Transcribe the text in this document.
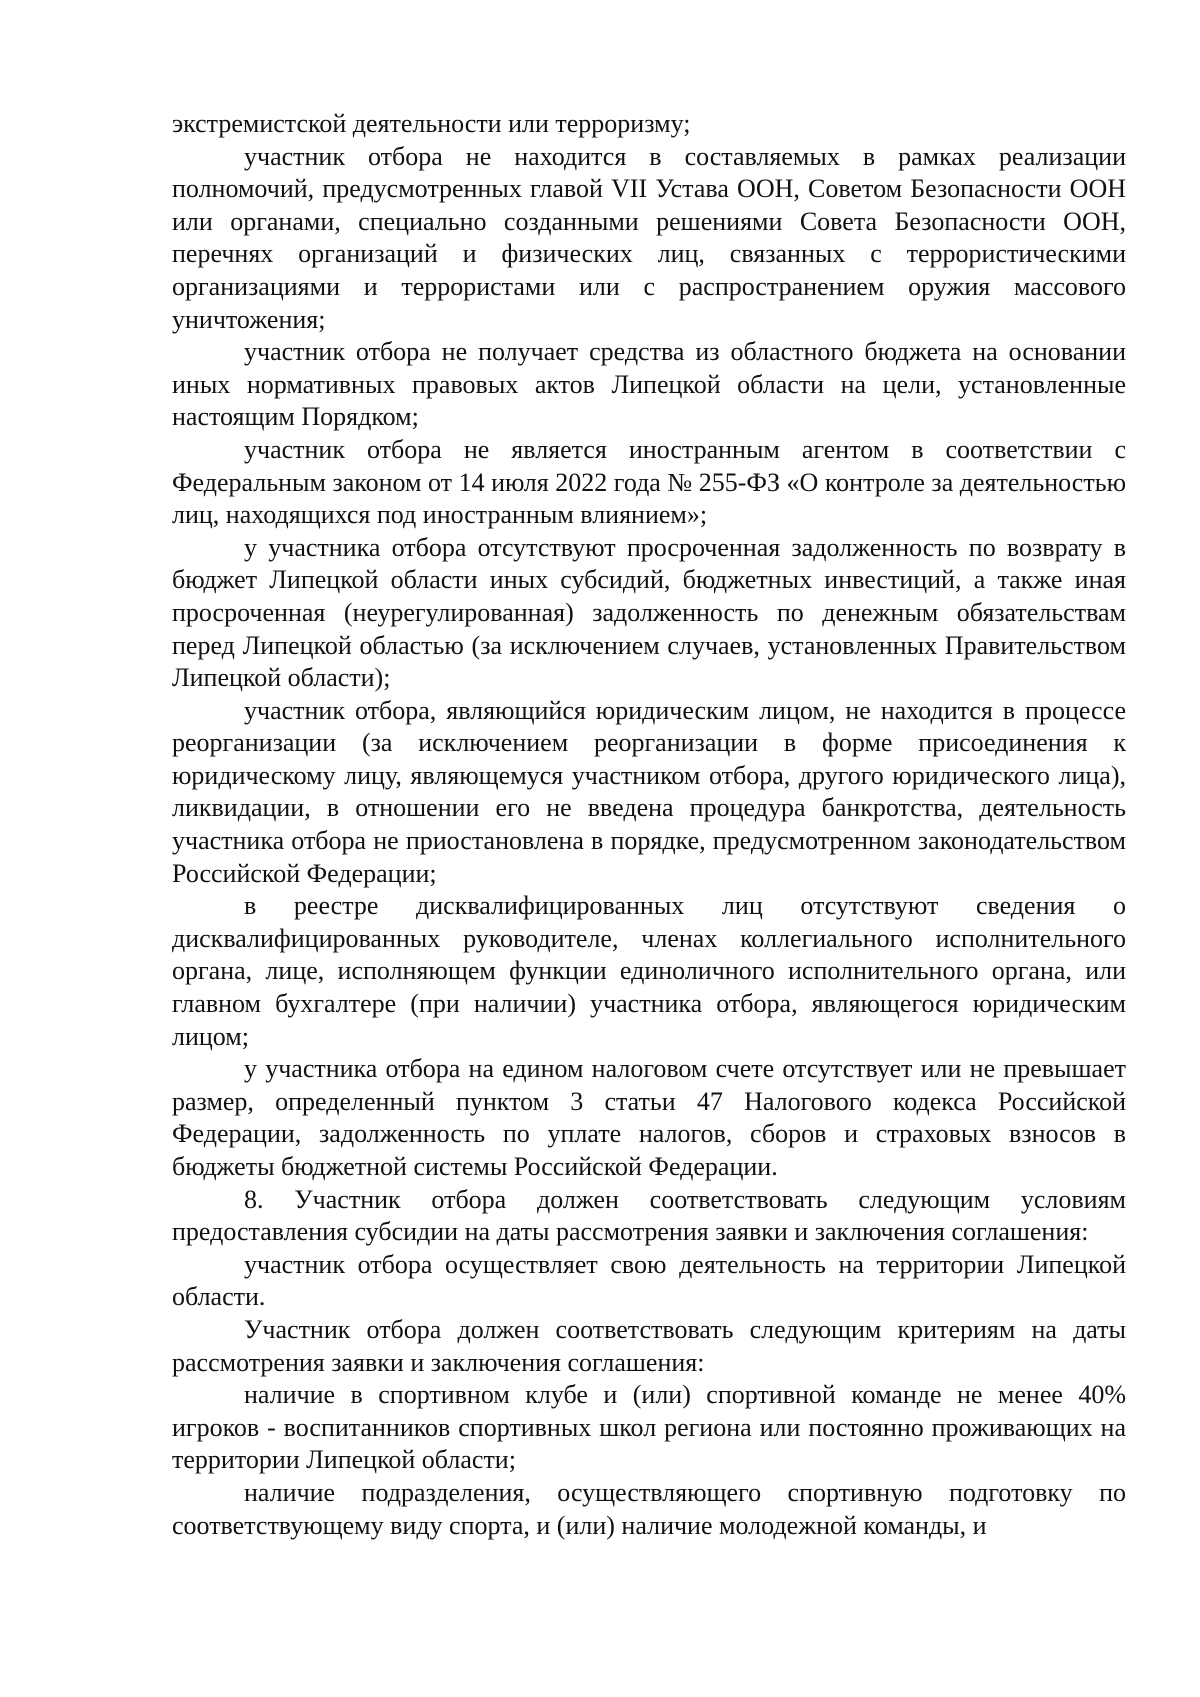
экстремистской деятельности или терроризму;

участник отбора не находится в составляемых в рамках реализации полномочий, предусмотренных главой VII Устава ООН, Советом Безопасности ООН или органами, специально созданными решениями Совета Безопасности ООН, перечнях организаций и физических лиц, связанных с террористическими организациями и террористами или с распространением оружия массового уничтожения;

участник отбора не получает средства из областного бюджета на основании иных нормативных правовых актов Липецкой области на цели, установленные настоящим Порядком;

участник отбора не является иностранным агентом в соответствии с Федеральным законом от 14 июля 2022 года № 255-ФЗ «О контроле за деятельностью лиц, находящихся под иностранным влиянием»;

у участника отбора отсутствуют просроченная задолженность по возврату в бюджет Липецкой области иных субсидий, бюджетных инвестиций, а также иная просроченная (неурегулированная) задолженность по денежным обязательствам перед Липецкой областью (за исключением случаев, установленных Правительством Липецкой области);

участник отбора, являющийся юридическим лицом, не находится в процессе реорганизации (за исключением реорганизации в форме присоединения к юридическому лицу, являющемуся участником отбора, другого юридического лица), ликвидации, в отношении его не введена процедура банкротства, деятельность участника отбора не приостановлена в порядке, предусмотренном законодательством Российской Федерации;

в реестре дисквалифицированных лиц отсутствуют сведения о дисквалифицированных руководителе, членах коллегиального исполнительного органа, лице, исполняющем функции единоличного исполнительного органа, или главном бухгалтере (при наличии) участника отбора, являющегося юридическим лицом;

у участника отбора на едином налоговом счете отсутствует или не превышает размер, определенный пунктом 3 статьи 47 Налогового кодекса Российской Федерации, задолженность по уплате налогов, сборов и страховых взносов в бюджеты бюджетной системы Российской Федерации.

8. Участник отбора должен соответствовать следующим условиям предоставления субсидии на даты рассмотрения заявки и заключения соглашения:

участник отбора осуществляет свою деятельность на территории Липецкой области.

Участник отбора должен соответствовать следующим критериям на даты рассмотрения заявки и заключения соглашения:

наличие в спортивном клубе и (или) спортивной команде не менее 40% игроков - воспитанников спортивных школ региона или постоянно проживающих на территории Липецкой области;

наличие подразделения, осуществляющего спортивную подготовку по соответствующему виду спорта, и (или) наличие молодежной команды, и
